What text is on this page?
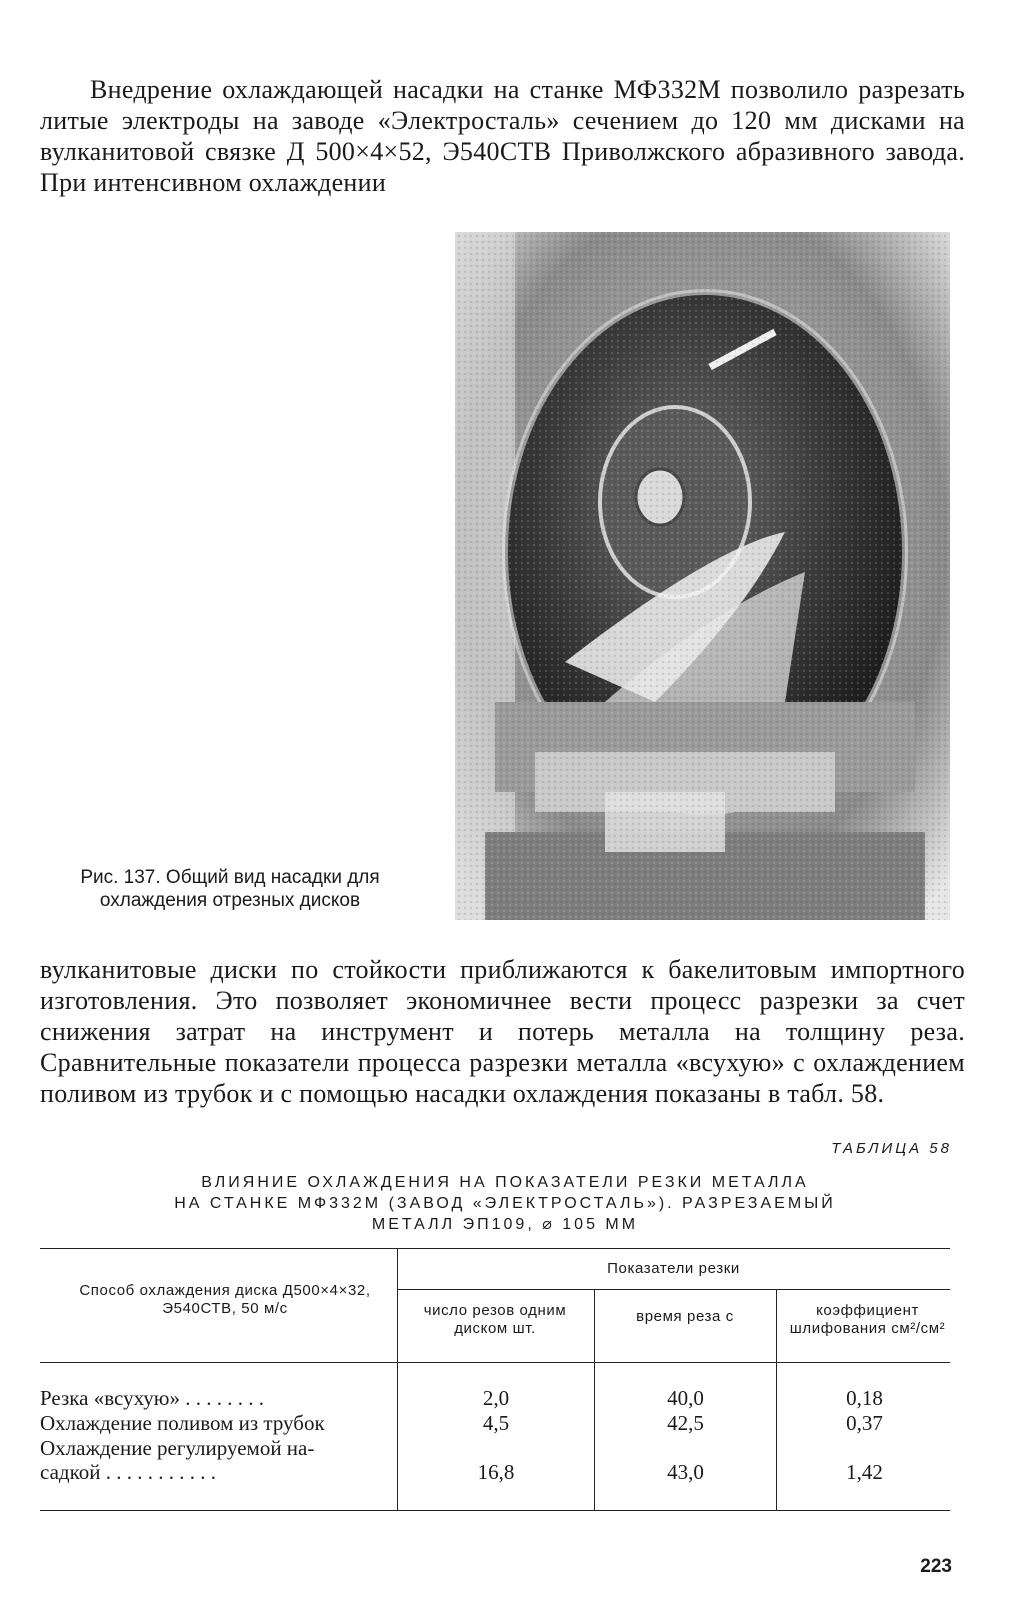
Внедрение охлаждающей насадки на станке МФ332М позволило разрезать литые электроды на заводе «Электросталь» сечением до 120 мм дисками на вулканитовой связке Д 500×4×52, Э540СТВ Приволжского абразивного завода. При интенсивном охлаждении

Рис. 137. Общий вид насадки для охлаждения отрезных дисков

вулканитовые диски по стойкости приближаются к бакелитовым импортного изготовления. Это позволяет экономичнее вести процесс разрезки за счет снижения затрат на инструмент и потерь металла на толщину реза. Сравнительные показатели процесса разрезки металла «всухую» с охлаждением поливом из трубок и с помощью насадки охлаждения показаны в табл. 58.

ТАБЛИЦА 58
ВЛИЯНИЕ ОХЛАЖДЕНИЯ НА ПОКАЗАТЕЛИ РЕЗКИ МЕТАЛЛА
НА СТАНКЕ МФ332М (ЗАВОД «ЭЛЕКТРОСТАЛЬ»). РАЗРЕЗАЕМЫЙ
МЕТАЛЛ ЭП109, ⌀ 105 ММ
Способ охлаждения диска Д500×4×32, Э540СТВ, 50 м/с
Показатели резки
число резов одним диском шт.
время реза с	коэффициент шлифования см²/см²
Резка «всухую» . . . . . . . .	2,0	40,0	0,18
Охлаждение поливом из трубок	4,5	42,5	0,37
Охлаждение регулируемой на-
садкой . . . . . . . . . . .	16,8	43,0	1,42
223
